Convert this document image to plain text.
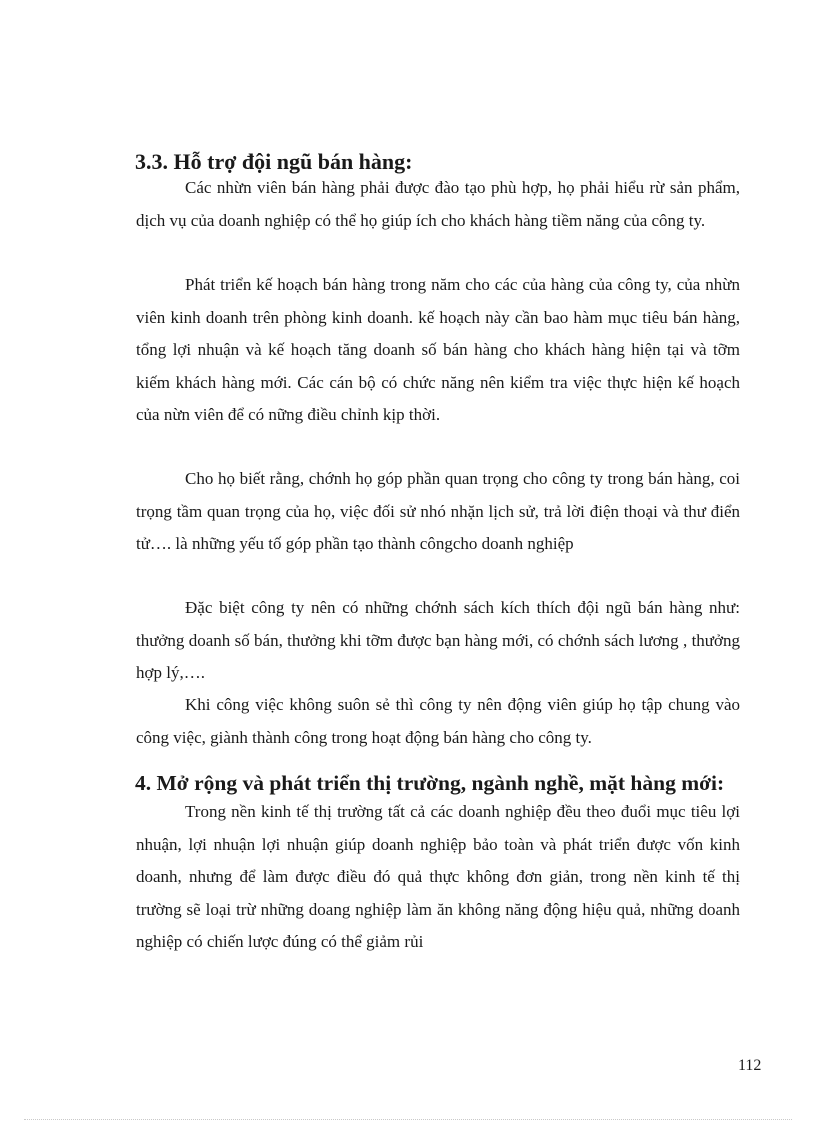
3.3. Hỗ trợ đội ngũ bán hàng:

Các nhừn viên bán hàng phải được đào tạo phù hợp, họ phải hiểu rừ sản phẩm, dịch vụ của doanh nghiệp có thể họ giúp ích cho khách hàng tiềm năng của công ty.

Phát triển kế hoạch bán hàng trong năm cho các của hàng của công ty, của nhừn viên kinh doanh trên phòng kinh doanh. kế hoạch này cần bao hàm mục tiêu bán hàng, tổng lợi nhuận và kế hoạch tăng doanh số bán hàng cho khách hàng hiện tại và tỡm kiếm khách hàng mới. Các cán bộ có chức năng nên kiểm tra việc thực hiện kế hoạch của nừn viên để có nững điều chỉnh kịp thời.

Cho họ biết rằng, chớnh họ góp phần quan trọng cho công ty trong bán hàng, coi trọng tầm quan trọng của họ, việc đối sử nhó nhặn lịch sử, trả lời điện thoại và thư điển tử…. là những yếu tố góp phần tạo thành côngcho doanh nghiệp

Đặc biệt công ty nên có những chớnh sách kích thích đội ngũ bán hàng như: thưởng doanh số bán, thưởng khi tỡm được bạn hàng mới, có chớnh sách lương , thưởng hợp lý,….

Khi công việc không suôn sẻ thì công ty nên động viên giúp họ tập chung vào công việc, giành thành công trong hoạt động bán hàng cho công ty.

4. Mở rộng và phát triển thị trường, ngành nghề, mặt hàng mới:

Trong nền kinh tế thị trường tất cả các doanh nghiệp đều theo đuổi mục tiêu lợi nhuận, lợi nhuận lợi nhuận giúp doanh nghiệp bảo toàn và phát triển được vốn kinh doanh, nhưng để làm được điều đó quả thực không đơn giản, trong nền kinh tế thị trường sẽ loại trừ những doang nghiệp làm ăn không năng động hiệu quả, những doanh nghiệp có chiến lược đúng có thể giảm rủi

112
